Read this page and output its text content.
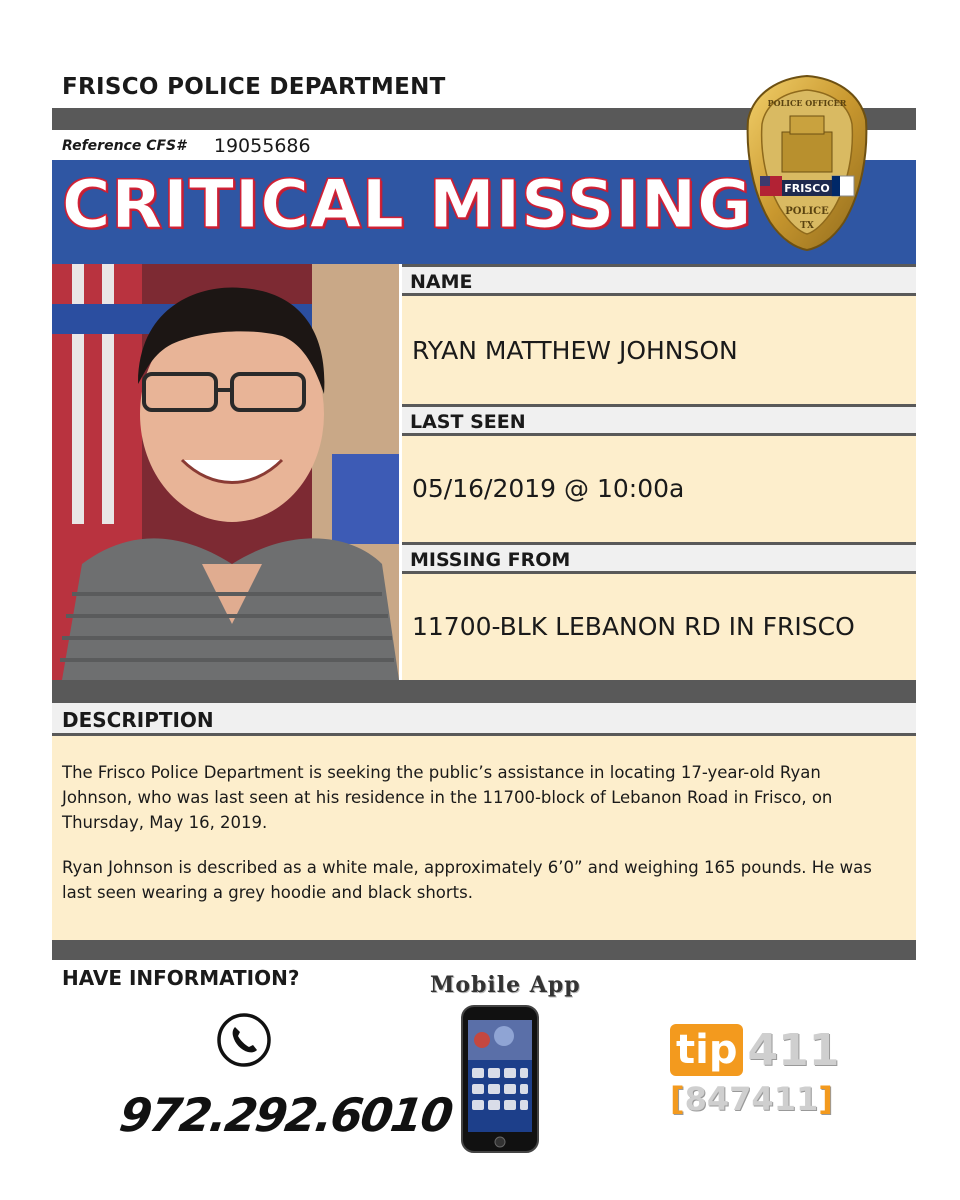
FRISCO POLICE DEPARTMENT
Reference CFS# 19055686
CRITICAL MISSING	FRISCO
POLICE
TX
POLICE OFFICER
NAME
RYAN MATTHEW JOHNSON
LAST SEEN
05/16/2019 @ 10:00a
MISSING FROM
11700-BLK LEBANON RD IN FRISCO
DESCRIPTION

The Frisco Police Department is seeking the public’s assistance in locating 17-year-old Ryan Johnson, who was last seen at his residence in the 11700-block of Lebanon Road in Frisco, on Thursday, May 16, 2019.

Ryan Johnson is described as a white male, approximately 6’0” and weighing 165 pounds. He was last seen wearing a grey hoodie and black shorts.

HAVE INFORMATION?
972.292.6010
Mobile App
tip 411
[847411]
